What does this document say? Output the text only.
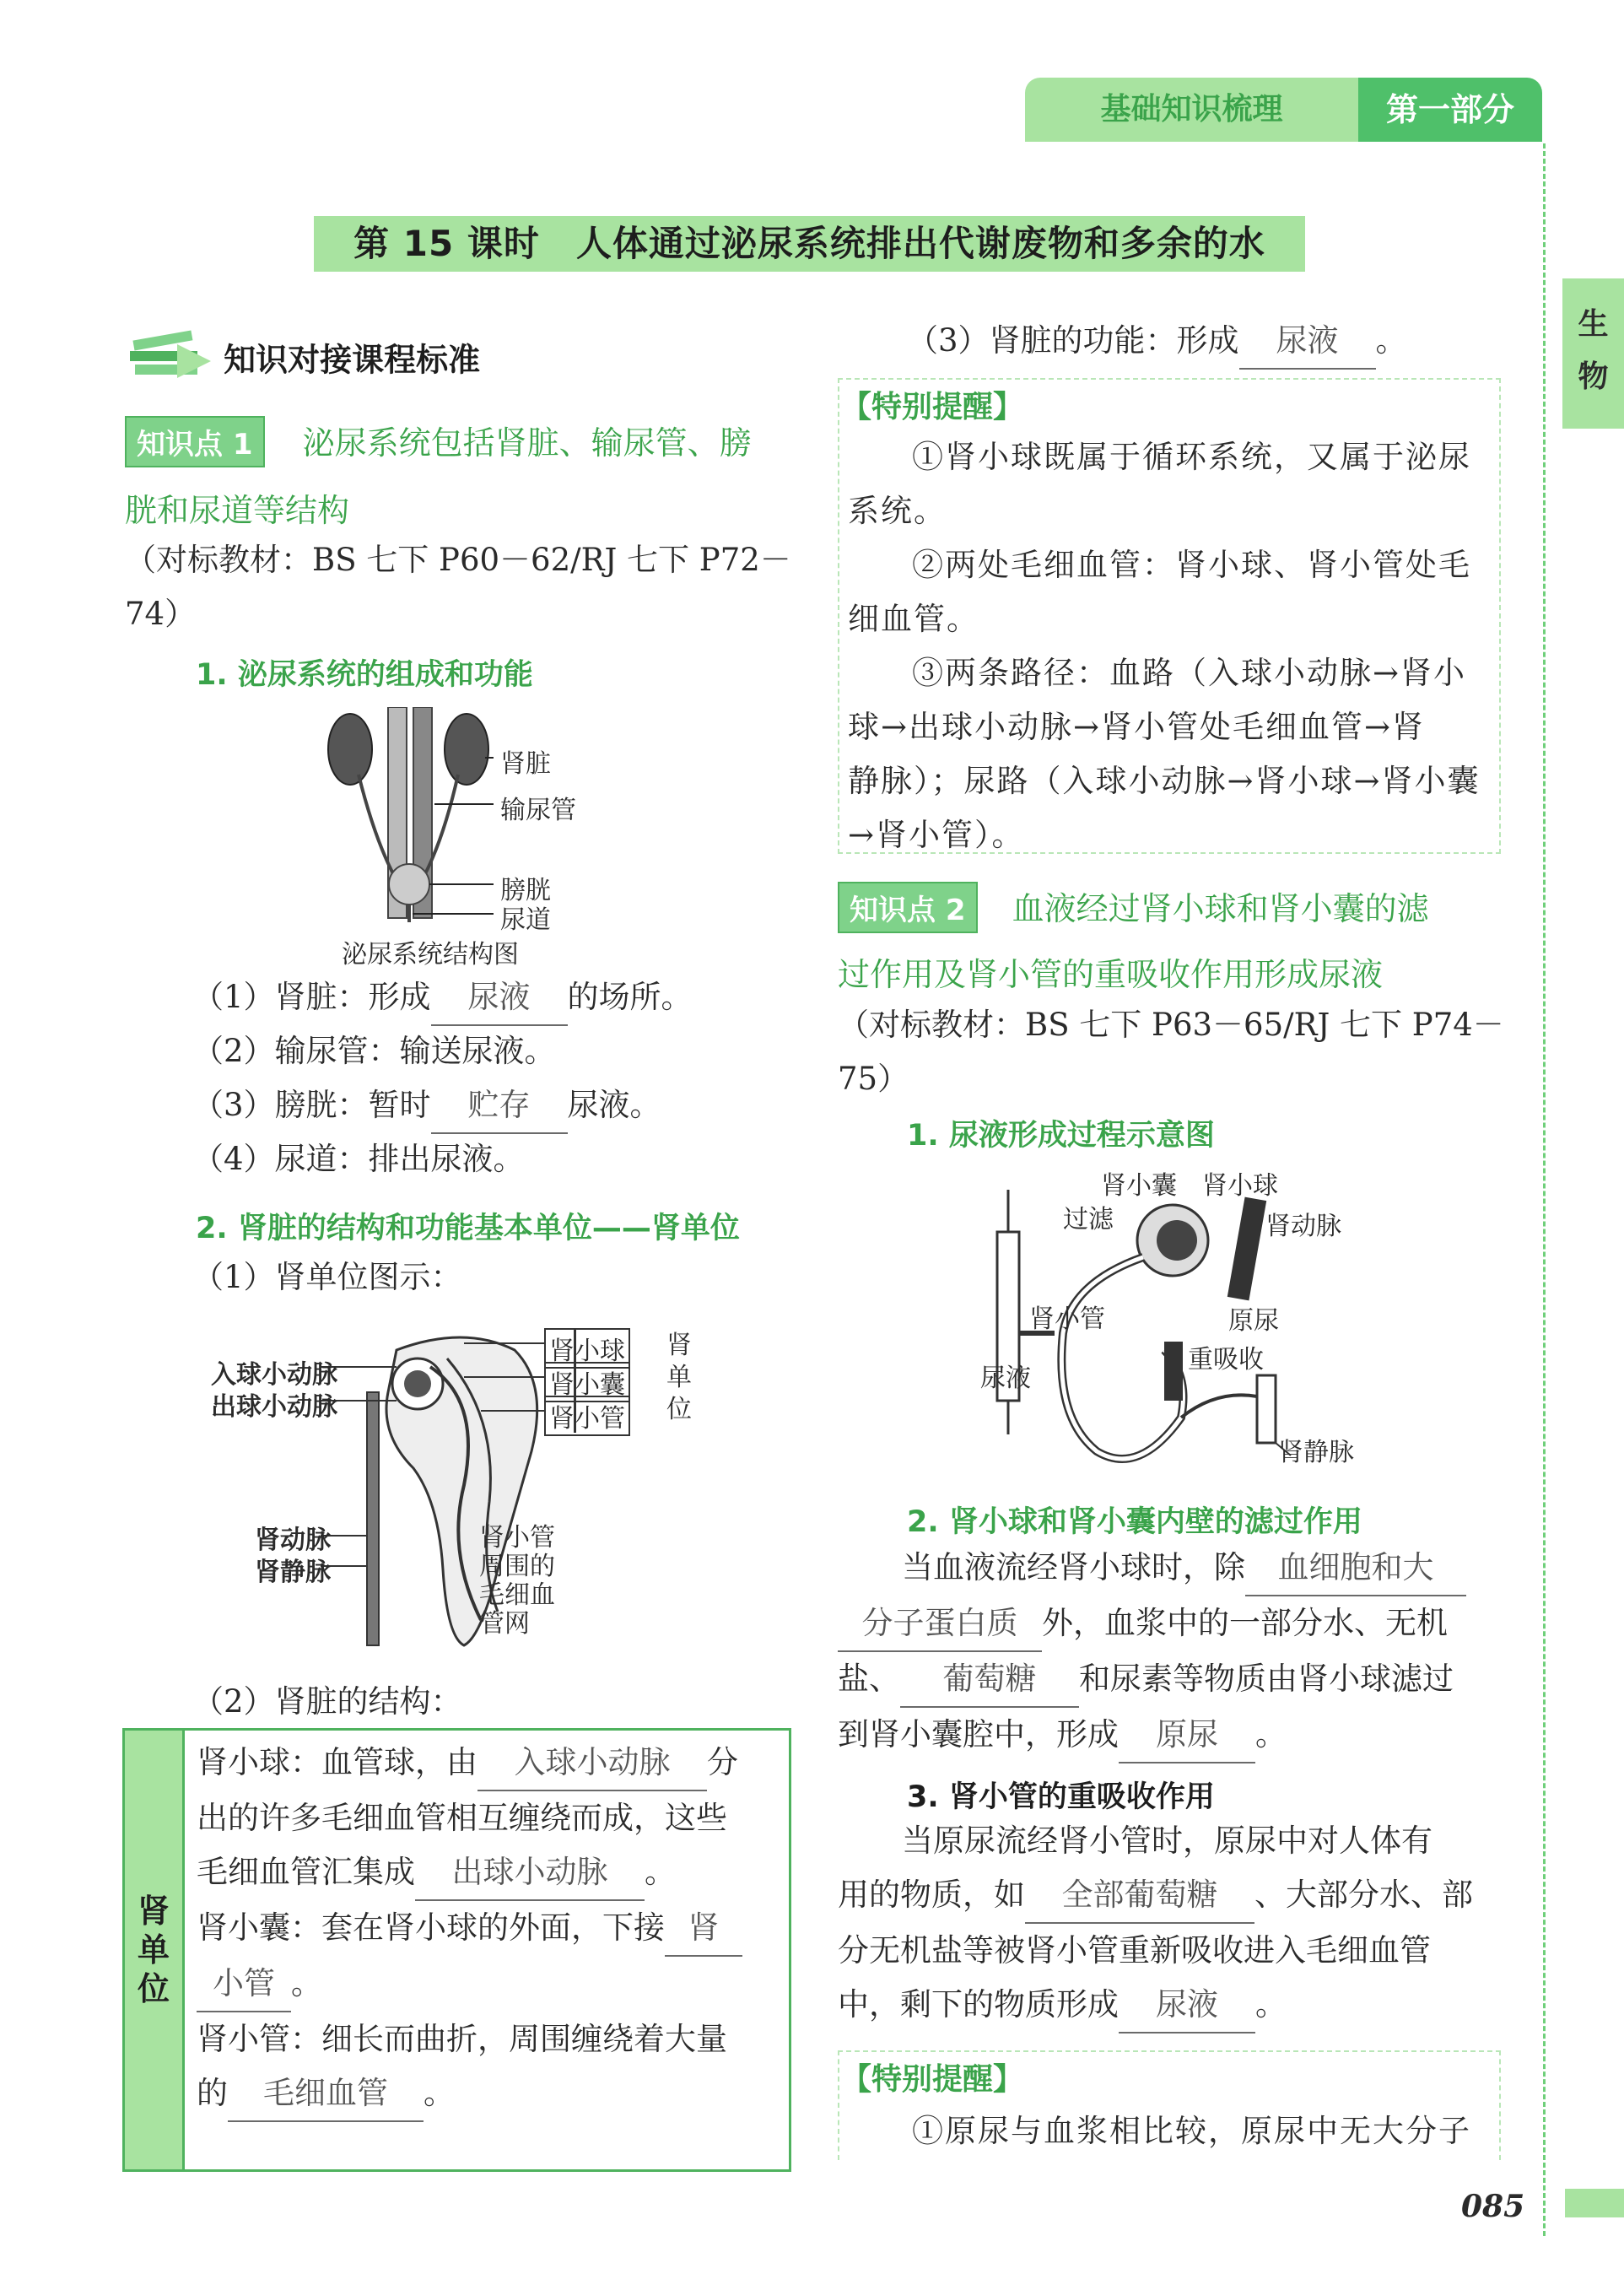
基础知识梳理	第一部分
生
物
第 15 课时　人体通过泌尿系统排出代谢废物和多余的水
知识对接课程标准
知识点 1 泌尿系统包括肾脏、输尿管、膀
胱和尿道等结构
（对标教材：BS 七下 P60－62/RJ 七下 P72－
74）
1. 泌尿系统的组成和功能
肾脏
输尿管
膀胱
尿道
泌尿系统结构图
（1）肾脏：形成 尿液 的场所。
（2）输尿管：输送尿液。
（3）膀胱：暂时 贮存 尿液。
（4）尿道：排出尿液。
2. 肾脏的结构和功能基本单位——肾单位
（1）肾单位图示：
入球小动脉
出球小动脉
肾动脉
肾静脉
肾小球
肾小囊
肾小管
肾
单
位
肾小管
周围的
毛细血
管网
（2）肾脏的结构：
肾
单
位
肾小球：血管球，由 入球小动脉 分
出的许多毛细血管相互缠绕而成，这些
毛细血管汇集成 出球小动脉 。
肾小囊：套在肾小球的外面，下接 肾
小管 。
肾小管：细长而曲折，周围缠绕着大量
的 毛细血管 。
（3）肾脏的功能：形成 尿液 。
【特别提醒】
①肾小球既属于循环系统，又属于泌尿
系统。
②两处毛细血管：肾小球、肾小管处毛
细血管。
③两条路径：血路（入球小动脉→肾小
球→出球小动脉→肾小管处毛细血管→肾
静脉）；尿路（入球小动脉→肾小球→肾小囊
→肾小管）。
知识点 2 血液经过肾小球和肾小囊的滤
过作用及肾小管的重吸收作用形成尿液
（对标教材：BS 七下 P63－65/RJ 七下 P74－
75）
1. 尿液形成过程示意图
肾小囊 肾小球
过滤	肾动脉
肾小管	原尿
重吸收
尿液
肾静脉
2. 肾小球和肾小囊内壁的滤过作用
当血液流经肾小球时，除 血细胞和大
分子蛋白质 外，血浆中的一部分水、无机
盐、 葡萄糖 和尿素等物质由肾小球滤过
到肾小囊腔中，形成 原尿 。
3. 肾小管的重吸收作用
当原尿流经肾小管时，原尿中对人体有
用的物质，如 全部葡萄糖 、大部分水、部
分无机盐等被肾小管重新吸收进入毛细血管
中，剩下的物质形成 尿液 。
【特别提醒】
①原尿与血浆相比较，原尿中无大分子
085
